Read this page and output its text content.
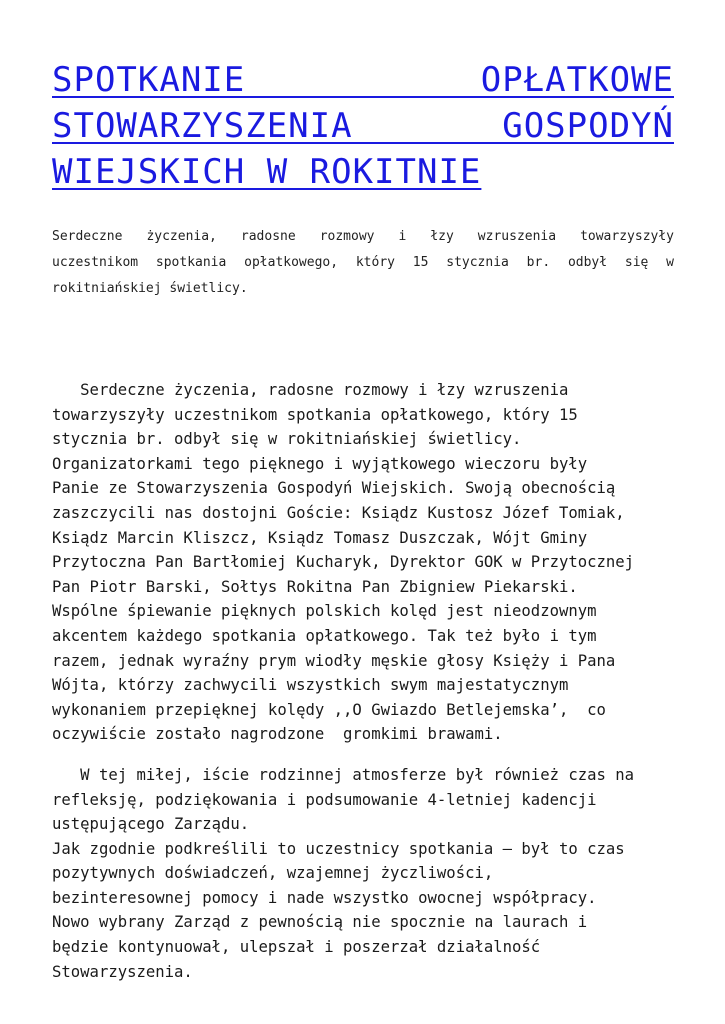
SPOTKANIE OPŁATKOWE
STOWARZYSZENIA GOSPODYŃ
WIEJSKICH W ROKITNIE
Serdeczne życzenia, radosne rozmowy i łzy wzruszenia towarzyszyły
uczestnikom spotkania opłatkowego, który 15 stycznia br. odbył się w
rokitniańskiej świetlicy.
Serdeczne życzenia, radosne rozmowy i łzy wzruszenia
towarzyszyły uczestnikom spotkania opłatkowego, który 15
stycznia br. odbył się w rokitniańskiej świetlicy.
Organizatorkami tego pięknego i wyjątkowego wieczoru były
Panie ze Stowarzyszenia Gospodyń Wiejskich. Swoją obecnością
zaszczycili nas dostojni Goście: Ksiądz Kustosz Józef Tomiak,
Ksiądz Marcin Kliszcz, Ksiądz Tomasz Duszczak, Wójt Gminy
Przytoczna Pan Bartłomiej Kucharyk, Dyrektor GOK w Przytocznej
Pan Piotr Barski, Sołtys Rokitna Pan Zbigniew Piekarski.
Wspólne śpiewanie pięknych polskich kolęd jest nieodzownym
akcentem każdego spotkania opłatkowego. Tak też było i tym
razem, jednak wyraźny prym wiodły męskie głosy Księży i Pana
Wójta, którzy zachwycili wszystkich swym majestatycznym
wykonaniem przepięknej kolędy ,,O Gwiazdo Betlejemska’,  co
oczywiście zostało nagrodzone  gromkimi brawami.
W tej miłej, iście rodzinnej atmosferze był również czas na
refleksję, podziękowania i podsumowanie 4-letniej kadencji
ustępującego Zarządu.
Jak zgodnie podkreślili to uczestnicy spotkania – był to czas
pozytywnych doświadczeń, wzajemnej życzliwości,
bezinteresownej pomocy i nade wszystko owocnej współpracy.
Nowo wybrany Zarząd z pewnością nie spocznie na laurach i
będzie kontynuował, ulepszał i poszerzał działalność
Stowarzyszenia.
